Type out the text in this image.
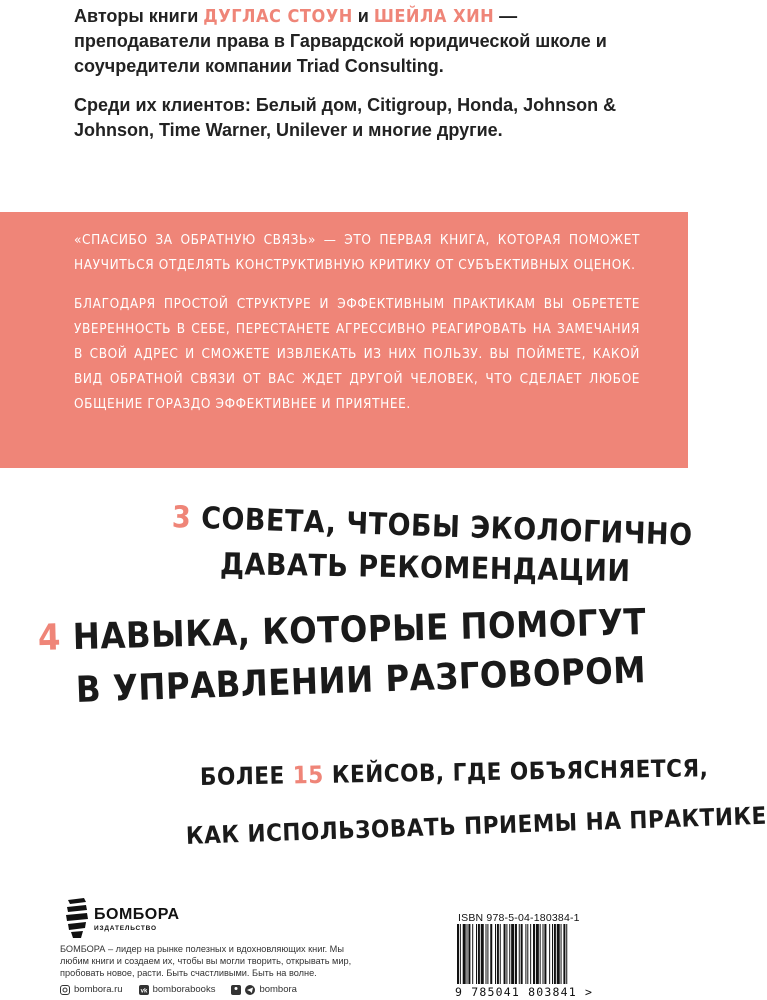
Авторы книги ДУГЛАС СТОУН и ШЕЙЛА ХИН — преподаватели права в Гарвардской юридической школе и соучредители компании Triad Consulting.

Среди их клиентов: Белый дом, Citigroup, Honda, Johnson & Johnson, Time Warner, Unilever и многие другие.

«СПАСИБО ЗА ОБРАТНУЮ СВЯЗЬ» — ЭТО ПЕРВАЯ КНИГА, КОТОРАЯ ПОМОЖЕТ НАУЧИТЬСЯ ОТДЕЛЯТЬ КОНСТРУКТИВНУЮ КРИТИКУ ОТ СУБЪЕКТИВНЫХ ОЦЕНОК.

БЛАГОДАРЯ ПРОСТОЙ СТРУКТУРЕ И ЭФФЕКТИВНЫМ ПРАКТИКАМ ВЫ ОБРЕТЕТЕ УВЕРЕННОСТЬ В СЕБЕ, ПЕРЕСТАНЕТЕ АГРЕССИВНО РЕАГИРОВАТЬ НА ЗАМЕЧАНИЯ В СВОЙ АДРЕС И СМОЖЕТЕ ИЗВЛЕКАТЬ ИЗ НИХ ПОЛЬЗУ. ВЫ ПОЙМЕТЕ, КАКОЙ ВИД ОБРАТНОЙ СВЯЗИ ОТ ВАС ЖДЕТ ДРУГОЙ ЧЕЛОВЕК, ЧТО СДЕЛАЕТ ЛЮБОЕ ОБЩЕНИЕ ГОРАЗДО ЭФФЕКТИВНЕЕ И ПРИЯТНЕЕ.

3 СОВЕТA, ЧТОБЫ ЭКОЛОГИЧНО
ДАВАТЬ РЕКОМЕНДАЦИИ
4 НАВЫКА, КОТОРЫЕ ПОМОГУТ
В УПРАВЛЕНИИ РАЗГОВОРОМ
БОЛЕЕ 15 КЕЙСОВ, ГДЕ ОБЪЯСНЯЕТСЯ,
КАК ИСПОЛЬЗОВАТЬ ПРИЕМЫ НА ПРАКТИКЕ
БОМБОРА
ИЗДАТЕЛЬСТВО
БОМБОРА – лидер на рынке полезных и вдохновляющих книг. Мы любим книги и создаем их, чтобы вы могли творить, открывать мир, пробовать новое, расти. Быть счастливыми. Быть на волне.
bombora.ru	vk bomborabooks	bombora
ISBN 978-5-04-180384-1
9 785041 803841 >
